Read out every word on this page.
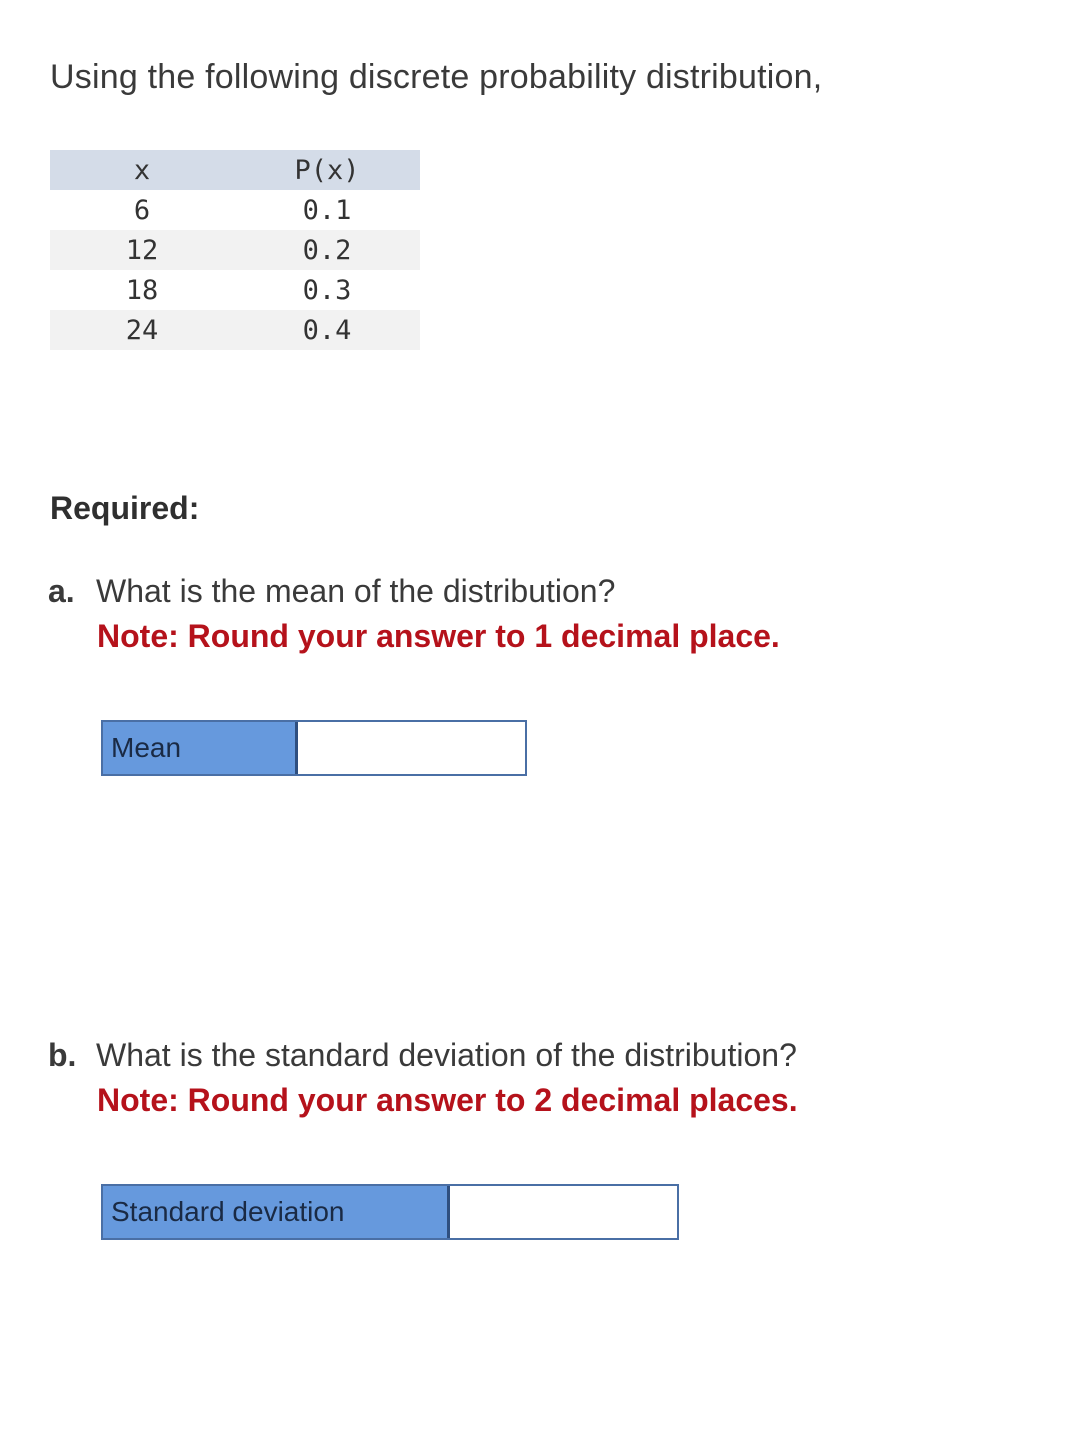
Using the following discrete probability distribution,
x	P(x)
6	0.1
12	0.2
18	0.3
24	0.4
Required:
a. What is the mean of the distribution?
Note: Round your answer to 1 decimal place.
Mean
b. What is the standard deviation of the distribution?
Note: Round your answer to 2 decimal places.
Standard deviation
